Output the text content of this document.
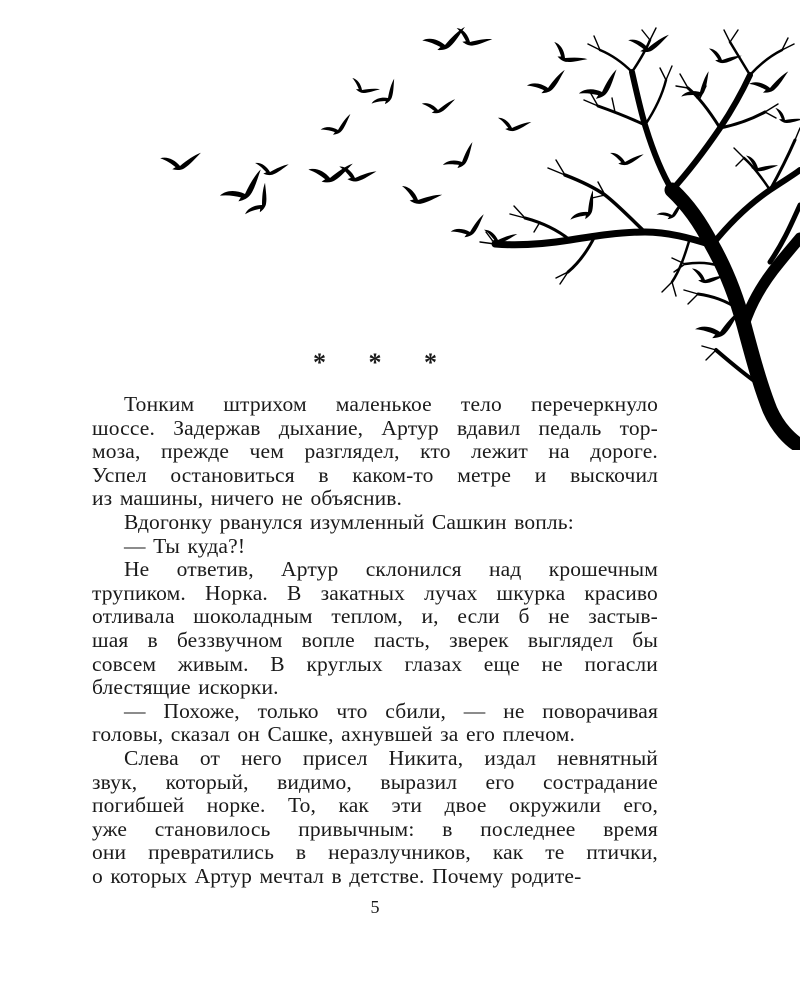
* * *
Тонким штрихом маленькое тело перечеркнуло
шоссе. Задержав дыхание, Артур вдавил педаль тор-
моза, прежде чем разглядел, кто лежит на дороге.
Успел остановиться в каком-то метре и выскочил
из машины, ничего не объяснив.
Вдогонку рванулся изумленный Сашкин вопль:
— Ты куда?!
Не ответив, Артур склонился над крошечным
трупиком. Норка. В закатных лучах шкурка красиво
отливала шоколадным теплом, и, если б не застыв-
шая в беззвучном вопле пасть, зверек выглядел бы
совсем живым. В круглых глазах еще не погасли
блестящие искорки.
— Похоже, только что сбили, — не поворачивая
головы, сказал он Сашке, ахнувшей за его плечом.
Слева от него присел Никита, издал невнятный
звук, который, видимо, выразил его сострадание
погибшей норке. То, как эти двое окружили его,
уже становилось привычным: в последнее время
они превратились в неразлучников, как те птички,
о которых Артур мечтал в детстве. Почему родите-
5
